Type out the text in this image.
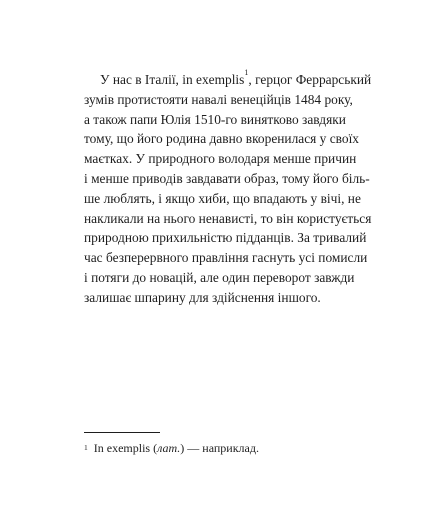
У нас в Італії, in exemplis$^1$, герцог Феррарський
зумів протистояти навалі венеційців 1484 року,
а також папи Юлія 1510-го винятково завдяки
тому, що його родина давно вкоренилася у своїх
маєтках. У природного володаря менше причин
і менше приводів завдавати образ, тому його біль-
ше люблять, і якщо хиби, що впадають у вічі, не
накликали на нього ненависті, то він користується
природною прихильністю підданців. За тривалий
час безперервного правління гаснуть усі помисли
і потяги до новацій, але один переворот завжди
залишає шпарину для здійснення іншого.
$^1$ In exemplis (лат.) — наприклад.
